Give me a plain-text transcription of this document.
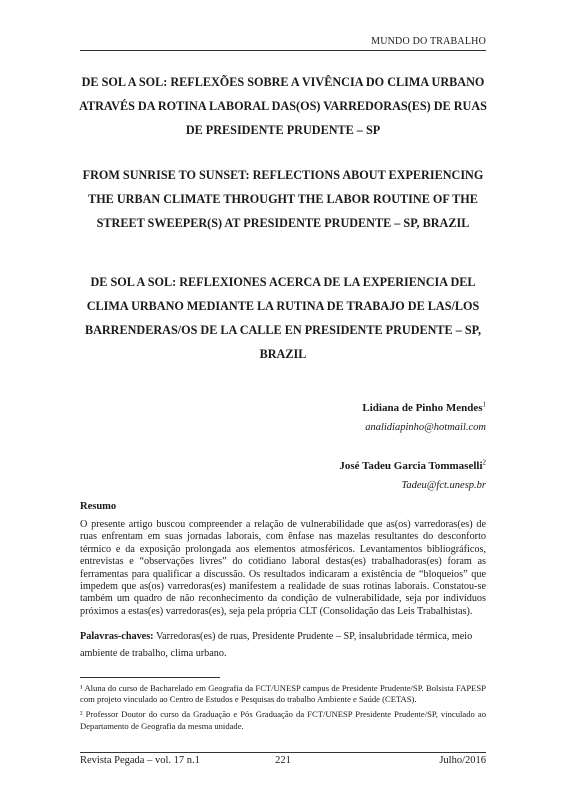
MUNDO DO TRABALHO
DE SOL A SOL: REFLEXÕES SOBRE A VIVÊNCIA DO CLIMA URBANO ATRAVÉS DA ROTINA LABORAL DAS(OS) VARREDORAS(ES) DE RUAS DE PRESIDENTE PRUDENTE – SP
FROM SUNRISE TO SUNSET: REFLECTIONS ABOUT EXPERIENCING THE URBAN CLIMATE THROUGHT THE LABOR ROUTINE OF THE STREET SWEEPER(S) AT PRESIDENTE PRUDENTE – SP, BRAZIL
DE SOL A SOL: REFLEXIONES ACERCA DE LA EXPERIENCIA DEL CLIMA URBANO MEDIANTE LA RUTINA DE TRABAJO DE LAS/LOS BARRENDERAS/OS DE LA CALLE EN PRESIDENTE PRUDENTE – SP, BRAZIL
Lidiana de Pinho Mendes$^1$
analidiapinho@hotmail.com
José Tadeu Garcia Tommaselli$^2$
Tadeu@fct.unesp.br
Resumo
O presente artigo buscou compreender a relação de vulnerabilidade que as(os) varredoras(es) de ruas enfrentam em suas jornadas laborais, com ênfase nas mazelas resultantes do desconforto térmico e da exposição prolongada aos elementos atmosféricos. Levantamentos bibliográficos, entrevistas e “observações livres” do cotidiano laboral destas(es) trabalhadoras(es) foram as ferramentas para qualificar a discussão. Os resultados indicaram a existência de “bloqueios” que impedem que as(os) varredoras(es) manifestem a realidade de suas rotinas laborais. Constatou-se também um quadro de não reconhecimento da condição de vulnerabilidade, seja por indivíduos próximos a estas(es) varredoras(es), seja pela própria CLT (Consolidação das Leis Trabalhistas).
Palavras-chaves: Varredoras(es) de ruas, Presidente Prudente – SP, insalubridade térmica, meio ambiente de trabalho, clima urbano.

¹ Aluna do curso de Bacharelado em Geografia da FCT/UNESP campus de Presidente Prudente/SP. Bolsista FAPESP com projeto vinculado ao Centro de Estudos e Pesquisas do trabalho Ambiente e Saúde (CETAS).

² Professor Doutor do curso da Graduação e Pós Graduação da FCT/UNESP Presidente Prudente/SP, vinculado ao Departamento de Geografia da mesma unidade.

Revista Pegada – vol. 17 n.1	221	Julho/2016
